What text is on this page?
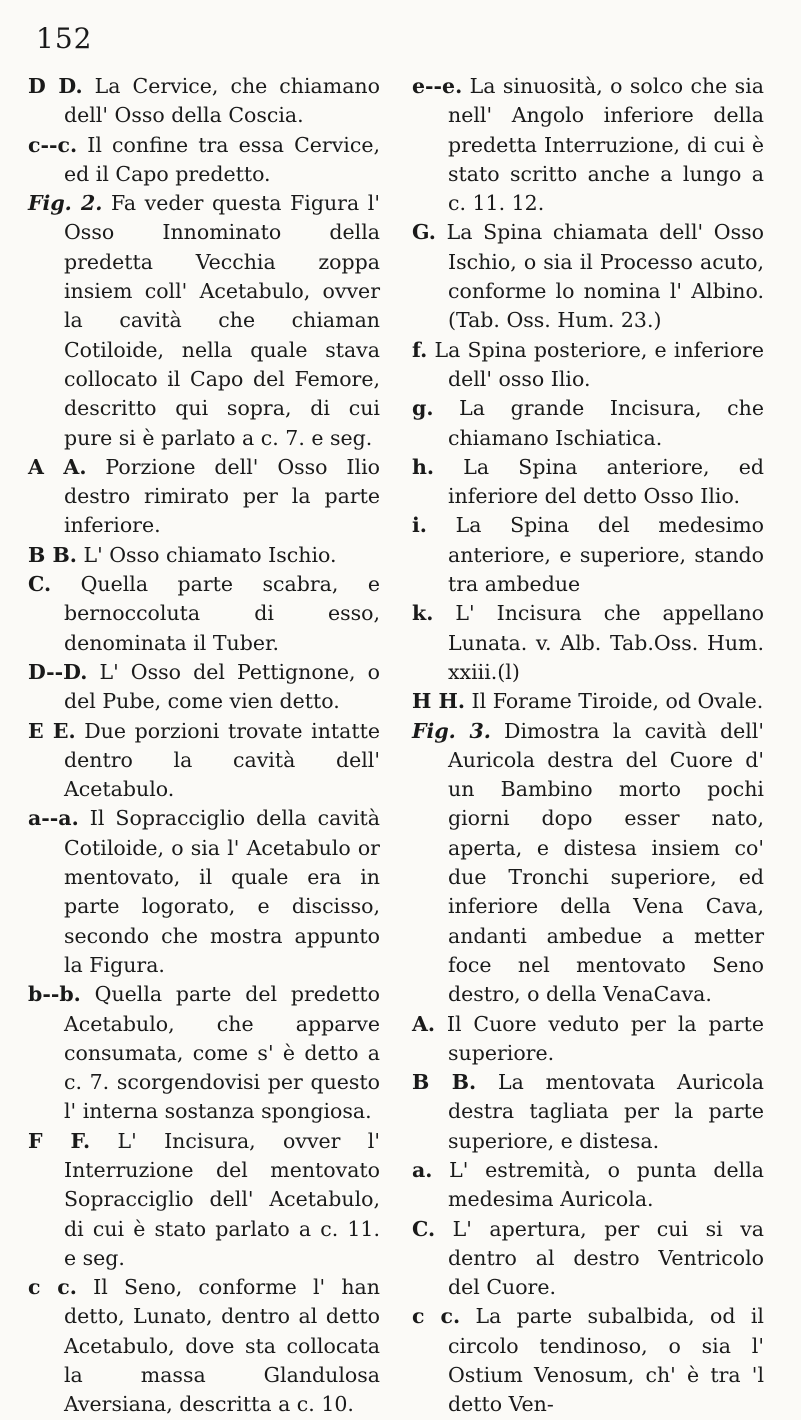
152

D D. La Cervice, che chiamano dell' Osso della Coscia.

c--c. Il confine tra essa Cervice, ed il Capo predetto.

Fig. 2. Fa veder questa Figura l' Osso Innominato della predetta Vecchia zoppa insiem coll' Acetabulo, ovver la cavità che chiaman Cotiloide, nella quale stava collocato il Capo del Femore, descritto qui sopra, di cui pure si è parlato a c. 7. e seg.

A A. Porzione dell' Osso Ilio destro rimirato per la parte inferiore.

B B. L' Osso chiamato Ischio.

C. Quella parte scabra, e bernoccoluta di esso, denominata il Tuber.

D--D. L' Osso del Pettignone, o del Pube, come vien detto.

E E. Due porzioni trovate intatte dentro la cavità dell' Acetabulo.

a--a. Il Sopracciglio della cavità Cotiloide, o sia l' Acetabulo or mentovato, il quale era in parte logorato, e discisso, secondo che mostra appunto la Figura.

b--b. Quella parte del predetto Acetabulo, che apparve consumata, come s' è detto a c. 7. scorgendovisi per questo l' interna sostanza spongiosa.

F F. L' Incisura, ovver l' Interruzione del mentovato Sopracciglio dell' Acetabulo, di cui è stato parlato a c. 11. e seg.

c c. Il Seno, conforme l' han detto, Lunato, dentro al detto Acetabulo, dove sta collocata la massa Glandulosa Aversiana, descritta a c. 10.

e--e. La sinuosità, o solco che sia nell' Angolo inferiore della predetta Interruzione, di cui è stato scritto anche a lungo a c. 11. 12.

G. La Spina chiamata dell' Osso Ischio, o sia il Processo acuto, conforme lo nomina l' Albino. (Tab. Oss. Hum. 23.)

f. La Spina posteriore, e inferiore dell' osso Ilio.

g. La grande Incisura, che chiamano Ischiatica.

h. La Spina anteriore, ed inferiore del detto Osso Ilio.

i. La Spina del medesimo anteriore, e superiore, stando tra ambedue

k. L' Incisura che appellano Lunata. v. Alb. Tab.Oss. Hum. xxiii.(l)

H H. Il Forame Tiroide, od Ovale.

Fig. 3. Dimostra la cavità dell' Auricola destra del Cuore d' un Bambino morto pochi giorni dopo esser nato, aperta, e distesa insiem co' due Tronchi superiore, ed inferiore della Vena Cava, andanti ambedue a metter foce nel mentovato Seno destro, o della VenaCava.

A. Il Cuore veduto per la parte superiore.

B B. La mentovata Auricola destra tagliata per la parte superiore, e distesa.

a. L' estremità, o punta della medesima Auricola.

C. L' apertura, per cui si va dentro al destro Ventricolo del Cuore.

c c. La parte subalbida, od il circolo tendinoso, o sia l' Ostium Venosum, ch' è tra 'l detto Ven-
